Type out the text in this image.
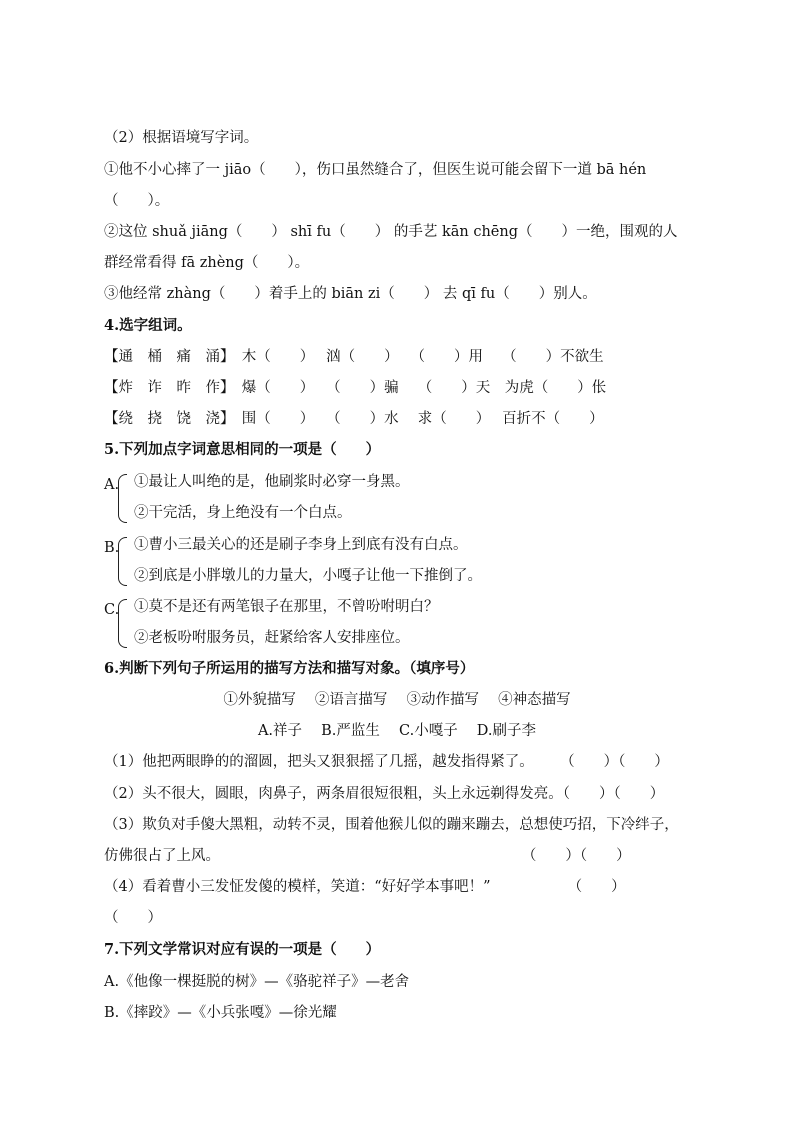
（2）根据语境写字词。
①他不小心摔了一 jiāo（　　），伤口虽然缝合了，但医生说可能会留下一道 bā hén
（　　）。
②这位 shuǎ jiāng（　　） shī fu（　　） 的手艺 kān chēng（　　）一绝，围观的人
群经常看得 fā zhèng（　　）。
③他经常 zhàng（　　）着手上的 biān zi（　　） 去 qī fu（　　）别人。
4.选字组词。
【通　桶　痛　涌】　木（　　）　 汹（　　）　 （　　）用　 （　　）不欲生
【炸　诈　昨　作】　爆（　　）　 （　　）骗　 （　　）天　为虎（　　）伥
【绕　挠　饶　浇】　围（　　）　 （　　）水　 求（　　）　 百折不（　　）
5.下列加点字词意思相同的一项是（　　）
A. ①最让人叫绝的是，他刷浆时必穿一身黑。
②干完活，身上绝没有一个白点。
B. ①曹小三最关心的还是刷子李身上到底有没有白点。
②到底是小胖墩儿的力量大，小嘎子让他一下推倒了。
C. ①莫不是还有两笔银子在那里，不曾吩咐明白？
②老板吩咐服务员，赶紧给客人安排座位。
6.判断下列句子所运用的描写方法和描写对象。（填序号）
①外貌描写　 ②语言描写　 ③动作描写　 ④神态描写
A.祥子　 B.严监生　 C.小嘎子　 D.刷子李
（1）他把两眼睁的的溜圆，把头又狠狠摇了几摇，越发指得紧了。　　 （　　）（　　）
（2）头不很大，圆眼，肉鼻子，两条眉很短很粗，头上永远剃得发亮。（　　）（　　）
（3）欺负对手傻大黑粗，动转不灵，围着他猴儿似的蹦来蹦去，总想使巧招，下冷绊子，
仿佛很占了上风。　　　　　　　　　　　　　　　　　　　　　 （　　）（　　）
（4）看着曹小三发怔发傻的模样，笑道：“好好学本事吧！”　　　　　 （　　）
（　　）
7.下列文学常识对应有误的一项是（　　）
A.《他像一棵挺脱的树》—《骆驼祥子》—老舍
B.《摔跤》—《小兵张嘎》—徐光耀
